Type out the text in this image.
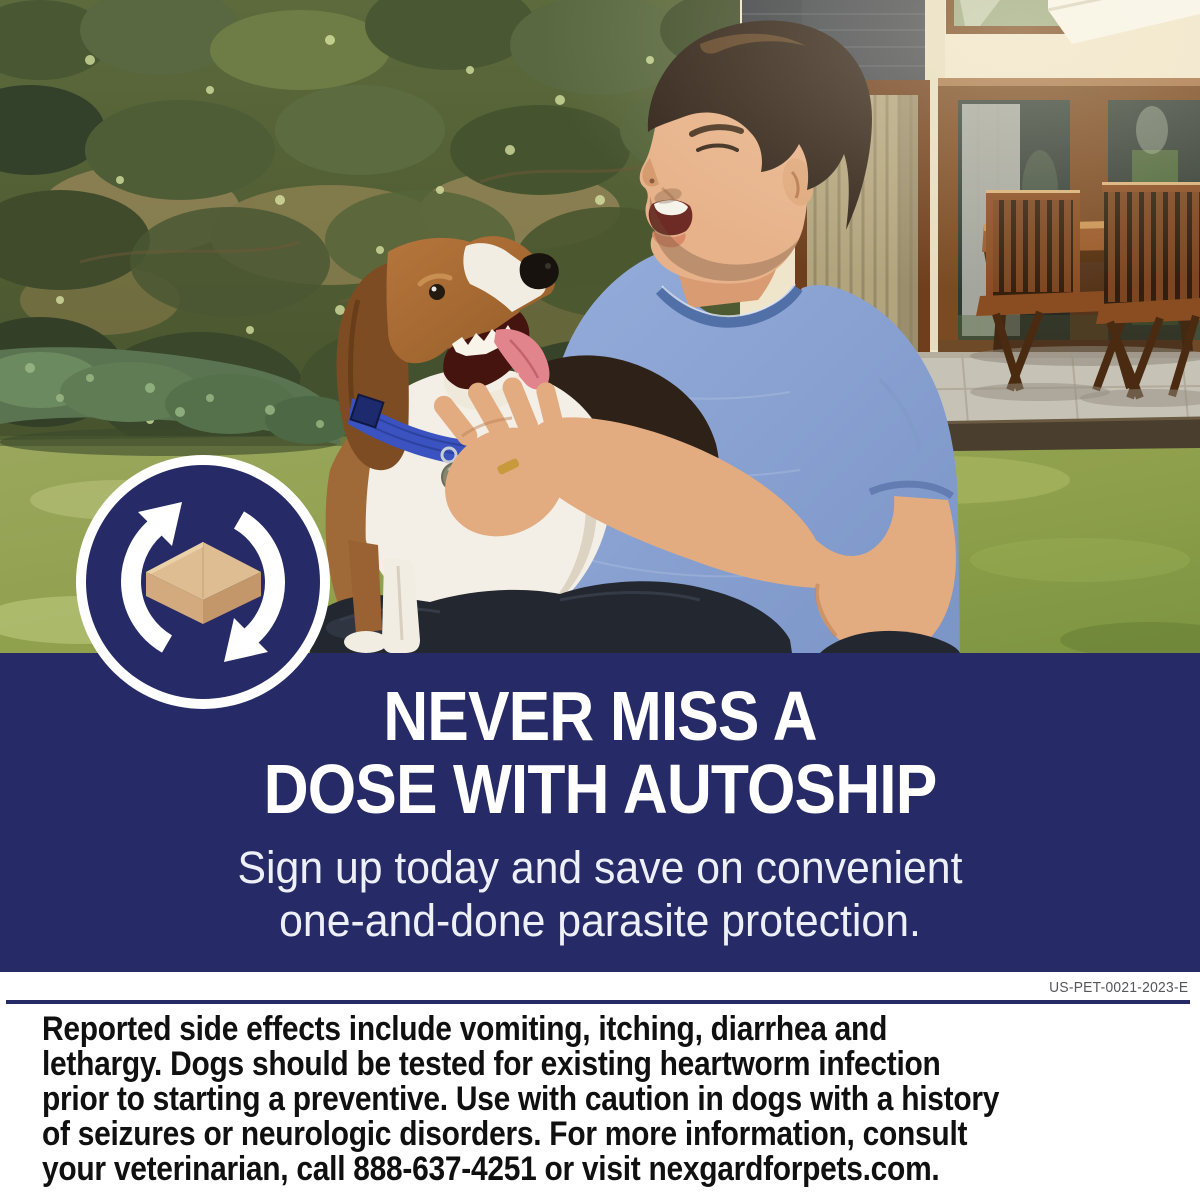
NEVER MISS A
DOSE WITH AUTOSHIP
Sign up today and save on convenient
one-and-done parasite protection.
US-PET-0021-2023-E
Reported side effects include vomiting, itching, diarrhea and
lethargy. Dogs should be tested for existing heartworm infection
prior to starting a preventive. Use with caution in dogs with a history
of seizures or neurologic disorders. For more information, consult
your veterinarian, call 888-637-4251 or visit nexgardforpets.com.
